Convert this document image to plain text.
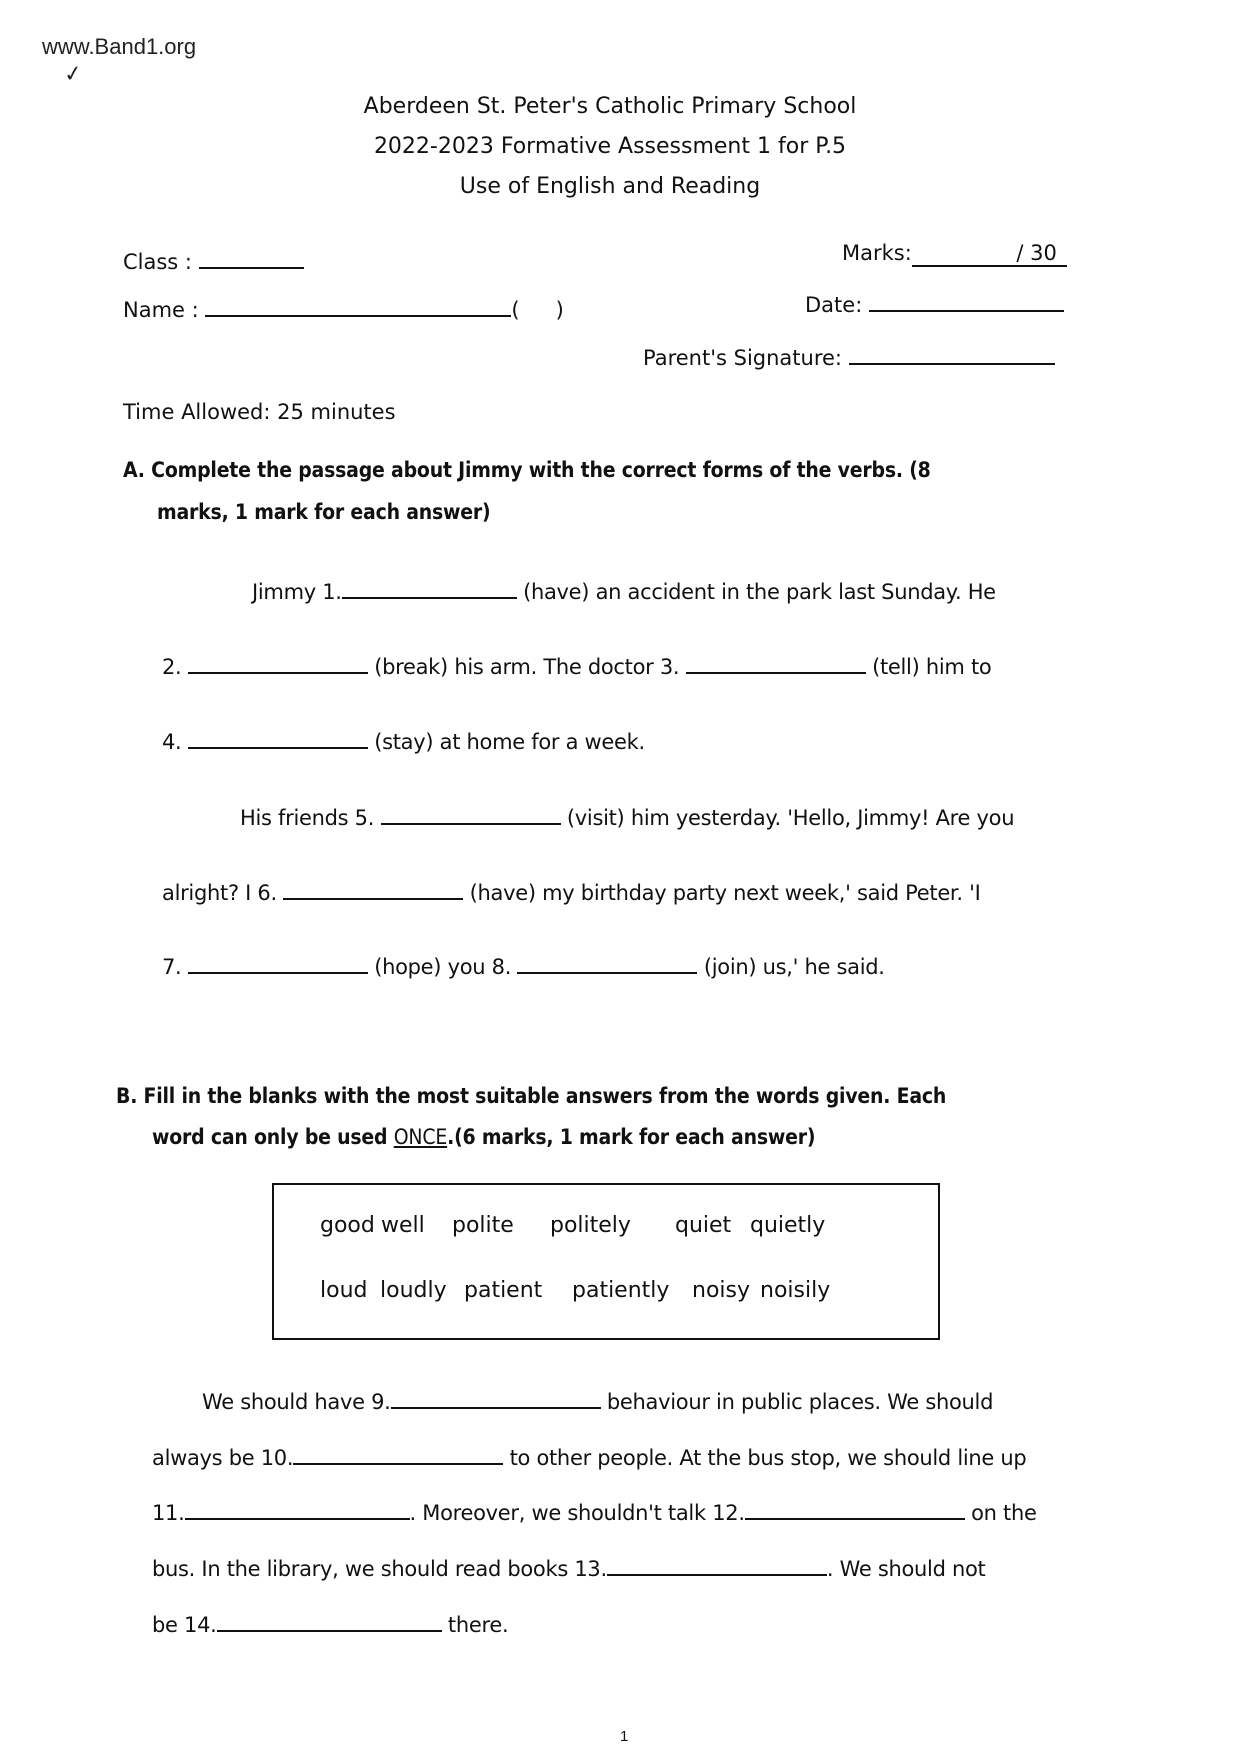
www.Band1.org
✓
Aberdeen St. Peter's Catholic Primary School
2022-2023 Formative Assessment 1 for P.5
Use of English and Reading
Class :
Name :	( )
Marks:	/ 30
Date:
Parent's Signature:
Time Allowed: 25 minutes
A. Complete the passage about Jimmy with the correct forms of the verbs. (8
marks, 1 mark for each answer)
Jimmy 1.	(have) an accident in the park last Sunday. He
2.	(break) his arm. The doctor 3.	(tell) him to
4.	(stay) at home for a week.
His friends 5.	(visit) him yesterday. 'Hello, Jimmy! Are you
alright? I 6.	(have) my birthday party next week,' said Peter. 'I
7.	(hope) you 8.	(join) us,' he said.
B. Fill in the blanks with the most suitable answers from the words given. Each
word can only be used ONCE.(6 marks, 1 mark for each answer)
good well polite politely quiet quietly
loud loudly patient patiently noisy noisily
We should have 9.	behaviour in public places. We should
always be 10.	to other people. At the bus stop, we should line up
11.	. Moreover, we shouldn't talk 12.	on the
bus. In the library, we should read books 13.	. We should not
be 14.	there.
1
